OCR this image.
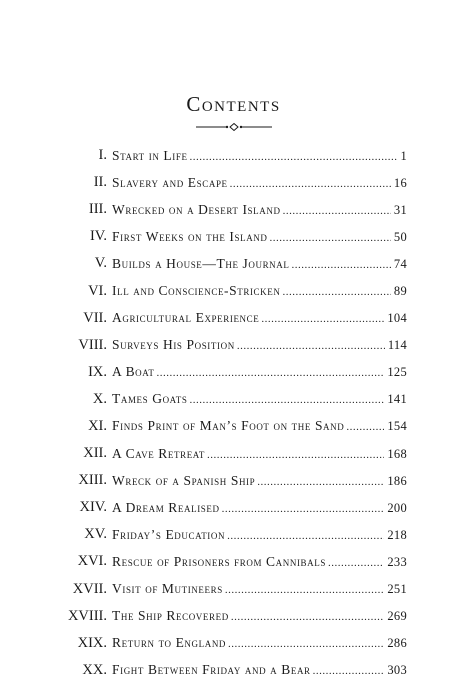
Contents
I. Start in Life .....	1
II. Slavery and Escape .....	16
III. Wrecked on a Desert Island .....	31
IV. First Weeks on the Island .....	50
V. Builds a House—The Journal .....	74
VI. Ill and Conscience-Stricken .....	89
VII. Agricultural Experience .....	104
VIII. Surveys His Position .....	114
IX. A Boat .....	125
X. Tames Goats .....	141
XI. Finds Print of Man’s Foot on the Sand .....	154
XII. A Cave Retreat .....	168
XIII. Wreck of a Spanish Ship .....	186
XIV. A Dream Realised .....	200
XV. Friday’s Education .....	218
XVI. Rescue of Prisoners from Cannibals .....	233
XVII. Visit of Mutineers .....	251
XVIII. The Ship Recovered .....	269
XIX. Return to England .....	286
XX. Fight Between Friday and a Bear .....	303
